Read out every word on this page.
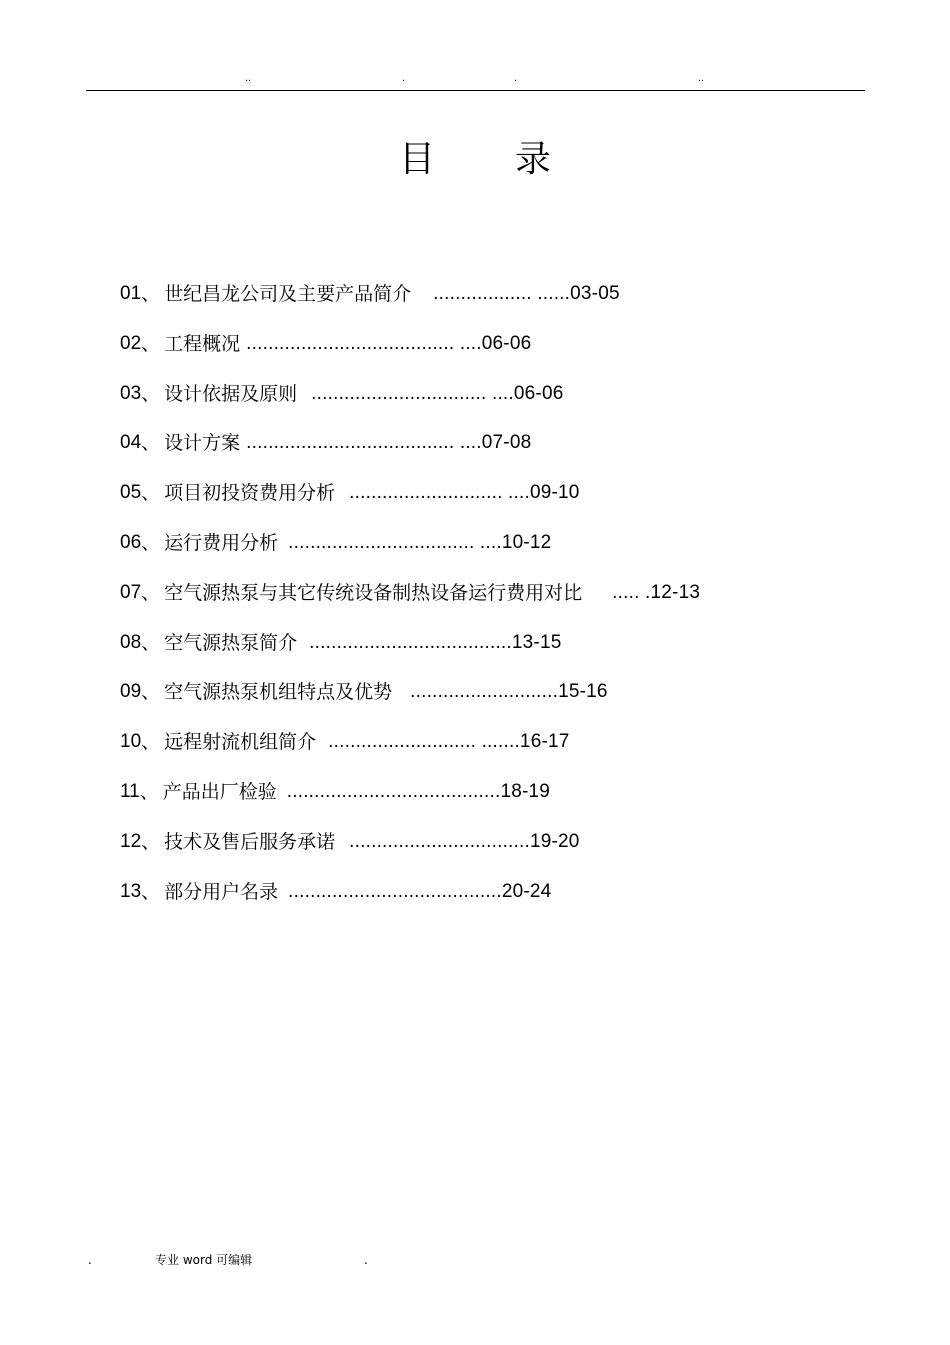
..	.	.	..
目录
01 、 世纪昌龙公司及主要产品简介 .................. ......03-05
02 、 工程概况 ...................................... ....06-06
03 、 设计依据及原则 ................................ ....06-06
04 、 设计方案 ...................................... ....07-08
05 、 项目初投资费用分析 ............................ ....09-10
06 、 运行费用分析 .................................. ....10-12
07 、 空气源热泵与其它传统设备制热设备运行费用对比 ..... .12-13
08 、 空气源热泵简介 .....................................13-15
09 、 空气源热泵机组特点及优势 ...........................15-16
10 、 远程射流机组简介 ........................... .......16-17
11 、 产品出厂检验 .......................................18-19
12 、 技术及售后服务承诺 .................................19-20
13 、 部分用户名录 .......................................20-24
.	专业 word 可编辑	.
